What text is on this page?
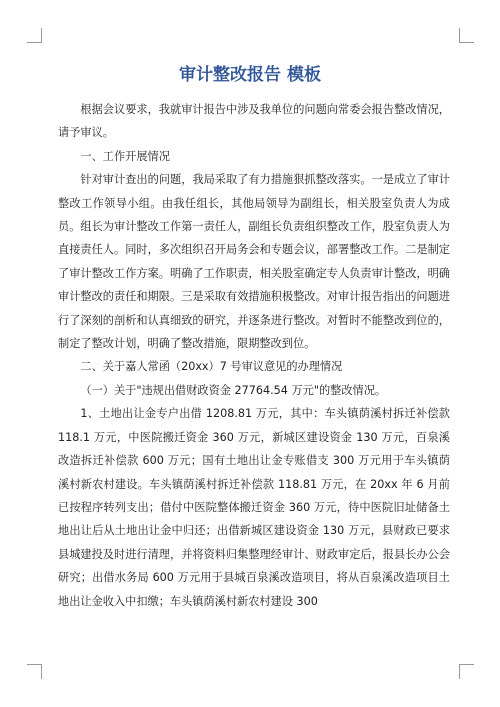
审计整改报告 模板

根据会议要求，我就审计报告中涉及我单位的问题向常委会报告整改情况，请予审议。

一、工作开展情况

针对审计查出的问题，我局采取了有力措施狠抓整改落实。一是成立了审计整改工作领导小组。由我任组长，其他局领导为副组长，相关股室负责人为成员。组长为审计整改工作第一责任人，副组长负责组织整改工作，股室负责人为直接责任人。同时，多次组织召开局务会和专题会议，部署整改工作。二是制定了审计整改工作方案。明确了工作职责，相关股室确定专人负责审计整改，明确审计整改的责任和期限。三是采取有效措施积极整改。对审计报告指出的问题进行了深刻的剖析和认真细致的研究，并逐条进行整改。对暂时不能整改到位的，制定了整改计划，明确了整改措施，限期整改到位。

二、关于嘉人常函（20xx）7 号审议意见的办理情况

（一）关于"违规出借财政资金 27764.54 万元"的整改情况。

1、土地出让金专户出借 1208.81 万元，其中：车头镇荫溪村拆迁补偿款 118.1 万元，中医院搬迁资金 360 万元，新城区建设资金 130 万元，百泉溪改造拆迁补偿款 600 万元；国有土地出让金专账借支 300 万元用于车头镇荫溪村新农村建设。车头镇荫溪村拆迁补偿款 118.81 万元，在 20xx 年 6 月前已按程序转列支出；借付中医院整体搬迁资金 360 万元，待中医院旧址储备土地出让后从土地出让金中归还；出借新城区建设资金 130 万元，县财政已要求县城建投及时进行清理，并将资料归集整理经审计、财政审定后，报县长办公会研究；出借水务局 600 万元用于县城百泉溪改造项目，将从百泉溪改造项目土地出让金收入中扣缴；车头镇荫溪村新农村建设 300
